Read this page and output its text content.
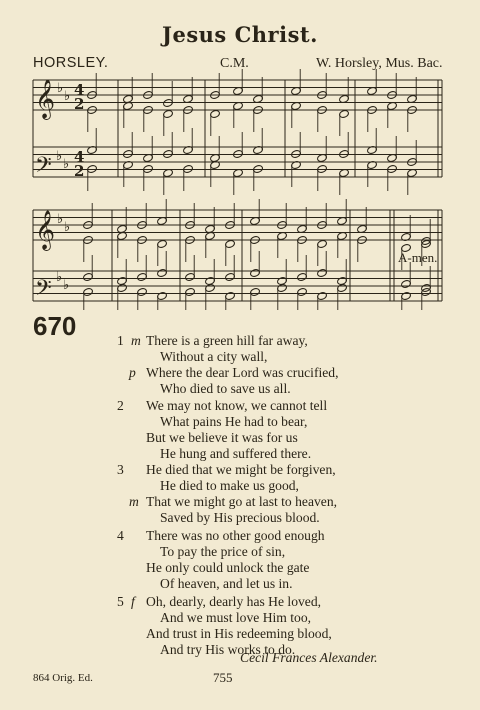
Jesus Christ.
HORSLEY.	C.M.	W. Horsley, Mus. Bac.
𝄞
𝄢
𝄞
𝄢
♭
♭
♭
♭
♭
♭
♭
♭
4
2
4
2
A-men.
670	1 m There is a green hill far away,
Without a city wall,
p Where the dear Lord was crucified,
Who died to save us all.
2 We may not know, we cannot tell
What pains He had to bear,
But we believe it was for us
He hung and suffered there.
3 He died that we might be forgiven,
He died to make us good,
m That we might go at last to heaven,
Saved by His precious blood.
4 There was no other good enough
To pay the price of sin,
He only could unlock the gate
Of heaven, and let us in.
5 f Oh, dearly, dearly has He loved,
And we must love Him too,
And trust in His redeeming blood,
And try His works to do.
Cecil Frances Alexander.
864 Orig. Ed.	755
